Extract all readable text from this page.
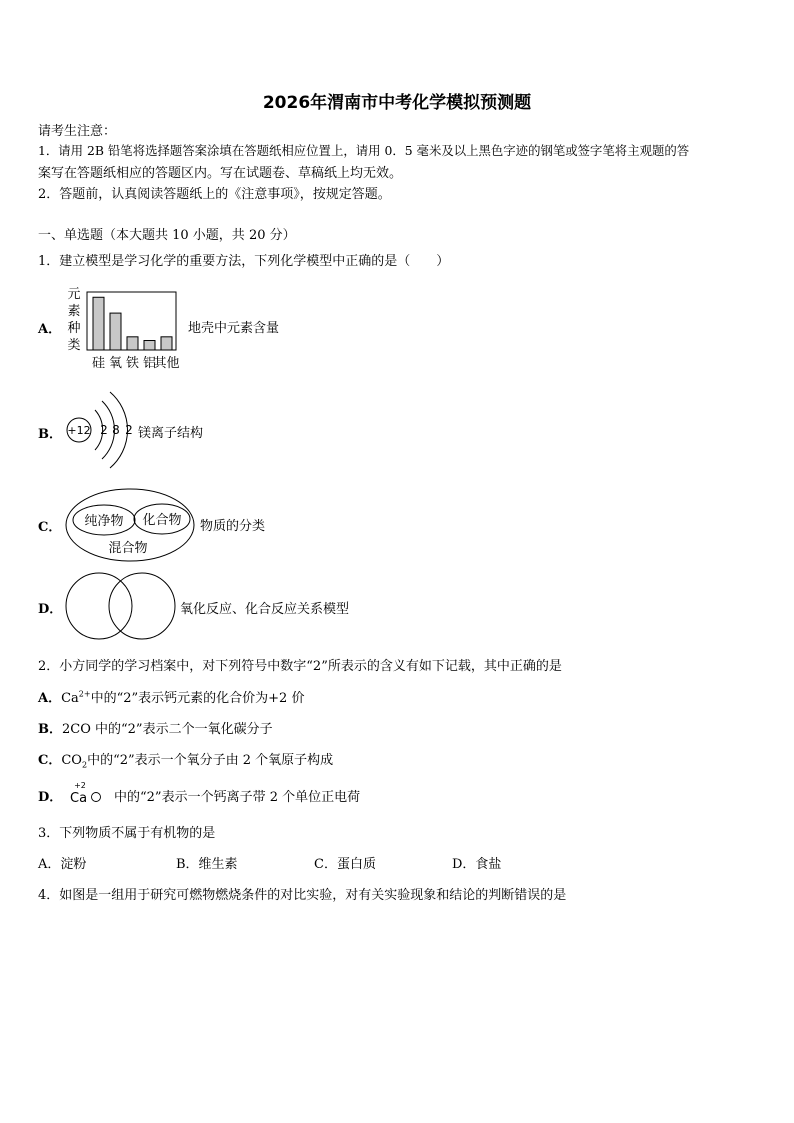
2026年渭南市中考化学模拟预测题
请考生注意：
1．请用 2B 铅笔将选择题答案涂填在答题纸相应位置上，请用 0．5 毫米及以上黑色字迹的钢笔或签字笔将主观题的答
案写在答题纸相应的答题区内。写在试题卷、草稿纸上均无效。
2．答题前，认真阅读答题纸上的《注意事项》，按规定答题。
一、单选题（本大题共 10 小题，共 20 分）
1．建立模型是学习化学的重要方法，下列化学模型中正确的是（　　）
A．
元
素
种
类
硅 氧 铁 铝
其他
地壳中元素含量
B． +12 2 8 2 镁离子结构
C． 纯净物 化合物
混合物
物质的分类
D．	氧化反应、化合反应关系模型
2．小方同学的学习档案中，对下列符号中数字“2”所表示的含义有如下记载，其中正确的是
A．$Ca^{2+}$中的“2”表示钙元素的化合价为+2 价
B．2CO 中的“2”表示二个一氧化碳分子
C．$CO_2$中的“2”表示一个氧分子由 2 个氧原子构成
D．
+2
Ca 中的“2”表示一个钙离子带 2 个单位正电荷
3．下列物质不属于有机物的是
A．淀粉	B．维生素	C．蛋白质	D．食盐
4．如图是一组用于研究可燃物燃烧条件的对比实验，对有关实验现象和结论的判断错误的是
